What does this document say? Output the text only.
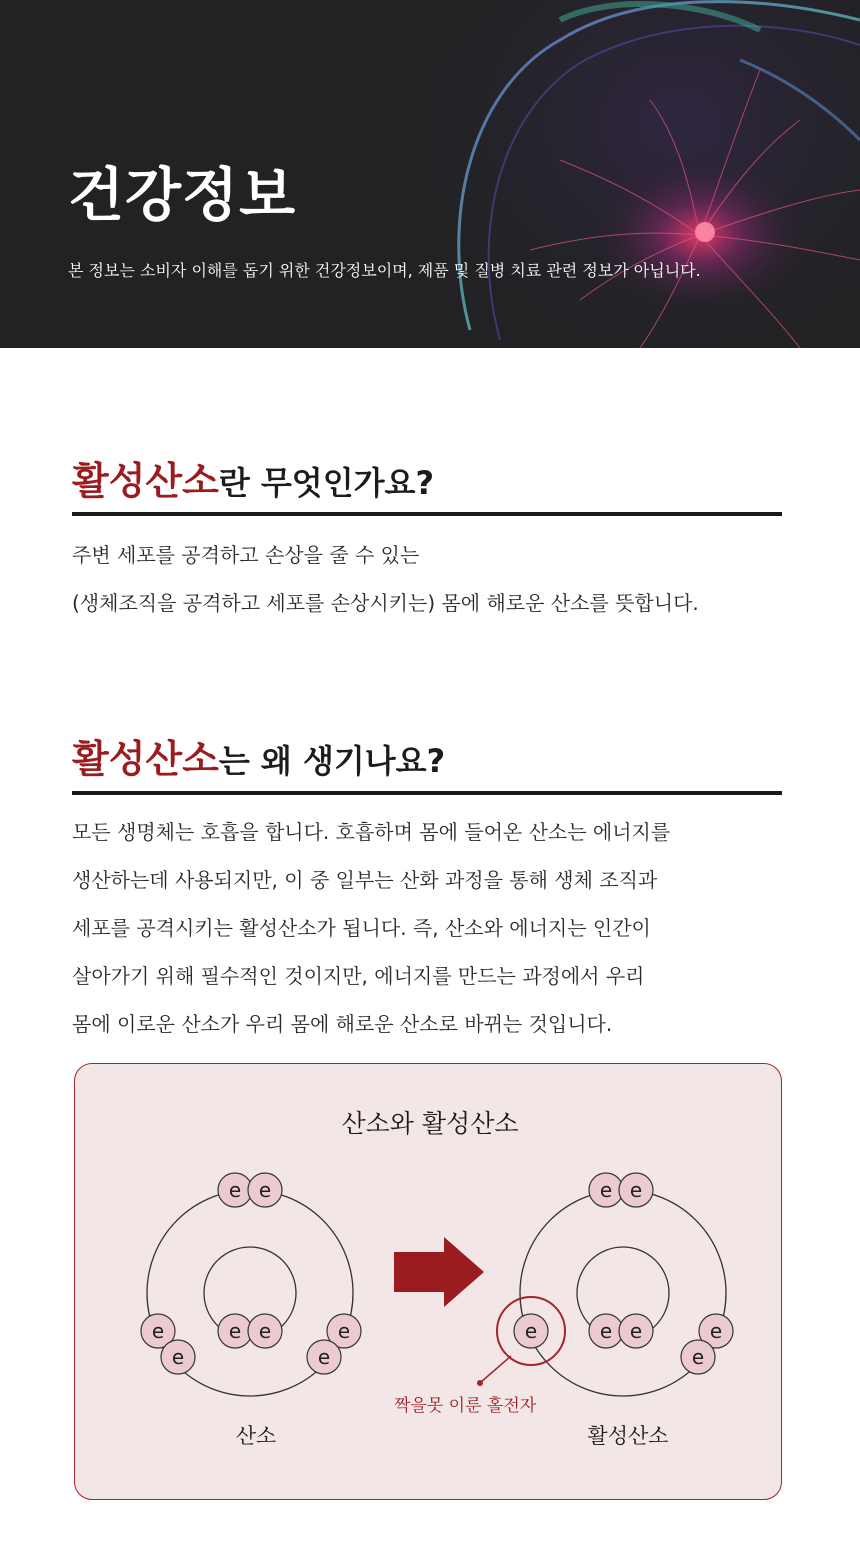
건강정보
본 정보는 소비자 이해를 돕기 위한 건강정보이며, 제품 및 질병 치료 관련 정보가 아닙니다.
활성산소란 무엇인가요?
주변 세포를 공격하고 손상을 줄 수 있는
(생체조직을 공격하고 세포를 손상시키는) 몸에 해로운 산소를 뜻합니다.
활성산소는 왜 생기나요?
모든 생명체는 호흡을 합니다. 호흡하며 몸에 들어온 산소는 에너지를
생산하는데 사용되지만, 이 중 일부는 산화 과정을 통해 생체 조직과
세포를 공격시키는 활성산소가 됩니다. 즉, 산소와 에너지는 인간이
살아가기 위해 필수적인 것이지만, 에너지를 만드는 과정에서 우리
몸에 이로운 산소가 우리 몸에 해로운 산소로 바뀌는 것입니다.
산소와 활성산소
e e
e e
e
e
e
e
e e
e e
e	e
e
짝을못 이룬 홀전자
산소	활성산소
